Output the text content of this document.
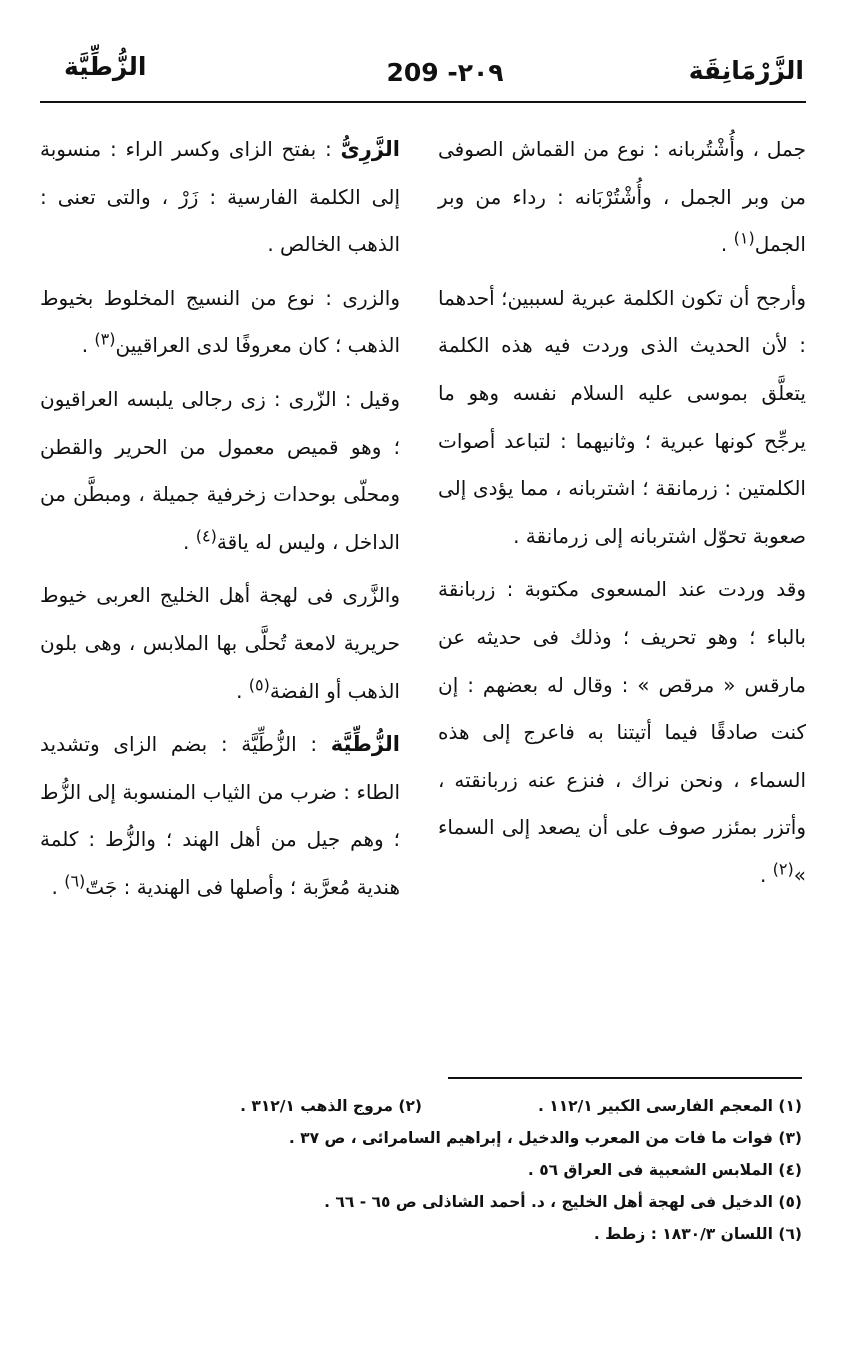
الزَّرْمَانِقَة
209 -٢٠٩
الزُّطِّيَّة

جمل ، وأُشْتُربانه : نوع من القماش الصوفى من وبر الجمل ، وأُشْتُرْبَانه : رداء من وبر الجمل$^{(١)}$ .

وأرجح أن تكون الكلمة عبرية لسببين؛ أحدهما : لأن الحديث الذى وردت فيه هذه الكلمة يتعلَّق بموسى عليه السلام نفسه وهو ما يرجِّح كونها عبرية ؛ وثانيهما : لتباعد أصوات الكلمتين : زرمانقة ؛ اشتربانه ، مما يؤدى إلى صعوبة تحوّل اشتربانه إلى زرمانقة .

وقد وردت عند المسعوى مكتوبة : زربانقة بالباء ؛ وهو تحريف ؛ وذلك فى حديثه عن مارقس « مرقص » : وقال له بعضهم : إن كنت صادقًا فيما أتيتنا به فاعرج إلى هذه السماء ، ونحن نراك ، فنزع عنه زربانقته ، وأتزر بمئزر صوف على أن يصعد إلى السماء »$^{(٢)}$ .

الزَّرِىُّ : بفتح الزاى وكسر الراء : منسوبة إلى الكلمة الفارسية : زَرْ ، والتى تعنى : الذهب الخالص .

والزرى : نوع من النسيج المخلوط بخيوط الذهب ؛ كان معروفًا لدى العراقيين$^{(٣)}$ .

وقيل : الزّرى : زى رجالى يلبسه العراقيون ؛ وهو قميص معمول من الحرير والقطن ومحلّى بوحدات زخرفية جميلة ، ومبطَّن من الداخل ، وليس له ياقة$^{(٤)}$ .

والزَّرى فى لهجة أهل الخليج العربى خيوط حريرية لامعة تُحلَّى بها الملابس ، وهى بلون الذهب أو الفضة$^{(٥)}$ .

الزُّطِّيَّة : الزُّطِّيَّة : بضم الزاى وتشديد الطاء : ضرب من الثياب المنسوبة إلى الزُّط ؛ وهم جيل من أهل الهند ؛ والزُّط : كلمة هندية مُعرَّبة ؛ وأصلها فى الهندية : جَتّ$^{(٦)}$ .

(١) المعجم الفارسى الكبير ١١٢/١ .
(٢) مروج الذهب ٣١٢/١ .
(٣) فوات ما فات من المعرب والدخيل ، إبراهيم السامرائى ، ص ٣٧ .
(٤) الملابس الشعبية فى العراق ٥٦ .
(٥) الدخيل فى لهجة أهل الخليج ، د. أحمد الشاذلى ص ٦٥ - ٦٦ .
(٦) اللسان ١٨٣٠/٣ : زطط .
